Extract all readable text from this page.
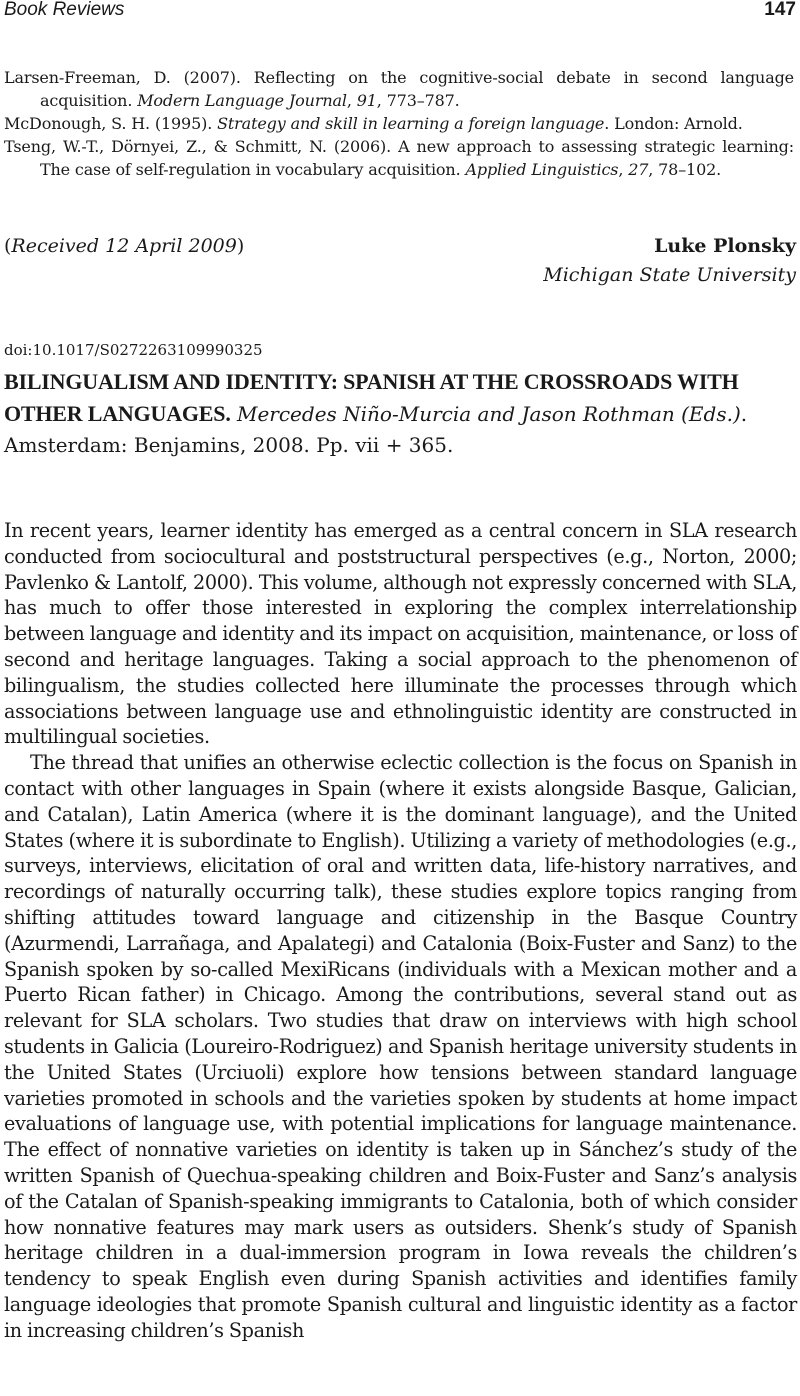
Book Reviews	147

Larsen-Freeman, D. (2007). Reflecting on the cognitive-social debate in second language acquisition. Modern Language Journal, 91, 773–787.

McDonough, S. H. (1995). Strategy and skill in learning a foreign language. London: Arnold.

Tseng, W.-T., Dörnyei, Z., & Schmitt, N. (2006). A new approach to assessing strategic learning: The case of self-regulation in vocabulary acquisition. Applied Linguistics, 27, 78–102.

(Received 12 April 2009)	Luke Plonsky
Michigan State University
doi:10.1017/S0272263109990325

BILINGUALISM AND IDENTITY: SPANISH AT THE CROSSROADS WITH OTHER LANGUAGES. Mercedes Niño-Murcia and Jason Rothman (Eds.). Amsterdam: Benjamins, 2008. Pp. vii + 365.

In recent years, learner identity has emerged as a central concern in SLA research conducted from sociocultural and poststructural perspectives (e.g., Norton, 2000; Pavlenko & Lantolf, 2000). This volume, although not expressly concerned with SLA, has much to offer those interested in exploring the complex interrelationship between language and identity and its impact on acquisition, maintenance, or loss of second and heritage languages. Taking a social approach to the phenomenon of bilingualism, the studies collected here illuminate the processes through which associations between language use and ethnolinguistic identity are constructed in multilingual societies.

The thread that unifies an otherwise eclectic collection is the focus on Spanish in contact with other languages in Spain (where it exists alongside Basque, Galician, and Catalan), Latin America (where it is the dominant language), and the United States (where it is subordinate to English). Utilizing a variety of methodologies (e.g., surveys, interviews, elicitation of oral and written data, life-history narratives, and recordings of naturally occurring talk), these studies explore topics ranging from shifting attitudes toward language and citizenship in the Basque Country (Azurmendi, Larrañaga, and Apalategi) and Catalonia (Boix-Fuster and Sanz) to the Spanish spoken by so-called MexiRicans (individuals with a Mexican mother and a Puerto Rican father) in Chicago. Among the contributions, several stand out as relevant for SLA scholars. Two studies that draw on interviews with high school students in Galicia (Loureiro-Rodriguez) and Spanish heritage university students in the United States (Urciuoli) explore how tensions between standard language varieties promoted in schools and the varieties spoken by students at home impact evaluations of language use, with potential implications for language maintenance. The effect of nonnative varieties on identity is taken up in Sánchez’s study of the written Spanish of Quechua-speaking children and Boix-Fuster and Sanz’s analysis of the Catalan of Spanish-speaking immigrants to Catalonia, both of which consider how nonnative features may mark users as outsiders. Shenk’s study of Spanish heritage children in a dual-immersion program in Iowa reveals the children’s tendency to speak English even during Spanish activities and identifies family language ideologies that promote Spanish cultural and linguistic identity as a factor in increasing children’s Spanish
